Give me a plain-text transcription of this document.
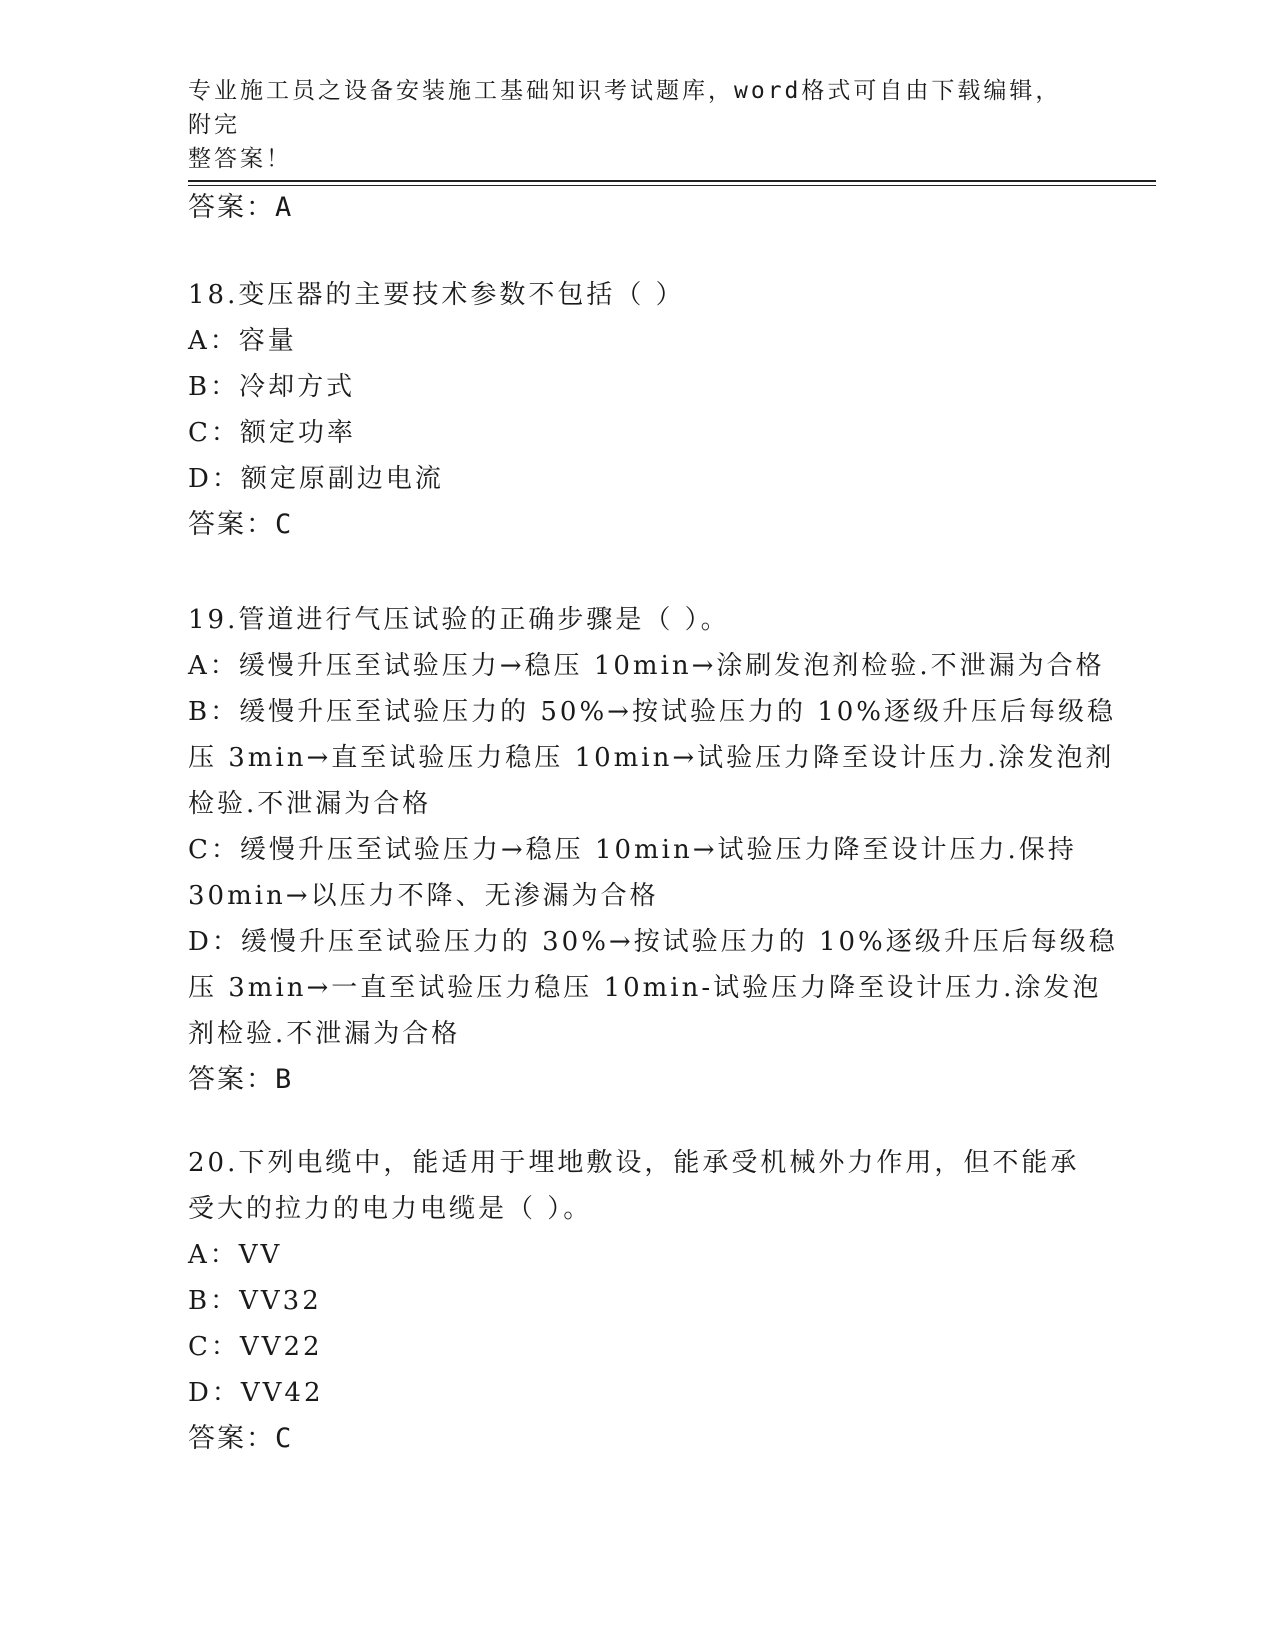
专业施工员之设备安装施工基础知识考试题库，word格式可自由下载编辑，附完
整答案！
答案：A
18.变压器的主要技术参数不包括（ ）
A：容量
B：冷却方式
C：额定功率
D：额定原副边电流
答案：C
19.管道进行气压试验的正确步骤是（ ）。
A：缓慢升压至试验压力→稳压 10min→涂刷发泡剂检验.不泄漏为合格
B：缓慢升压至试验压力的 50%→按试验压力的 10%逐级升压后每级稳
压 3min→直至试验压力稳压 10min→试验压力降至设计压力.涂发泡剂
检验.不泄漏为合格
C：缓慢升压至试验压力→稳压 10min→试验压力降至设计压力.保持
30min→以压力不降、无渗漏为合格
D：缓慢升压至试验压力的 30%→按试验压力的 10%逐级升压后每级稳
压 3min→一直至试验压力稳压 10min-试验压力降至设计压力.涂发泡
剂检验.不泄漏为合格
答案：B
20.下列电缆中，能适用于埋地敷设，能承受机械外力作用，但不能承
受大的拉力的电力电缆是（ ）。
A：VV
B：VV32
C：VV22
D：VV42
答案：C
